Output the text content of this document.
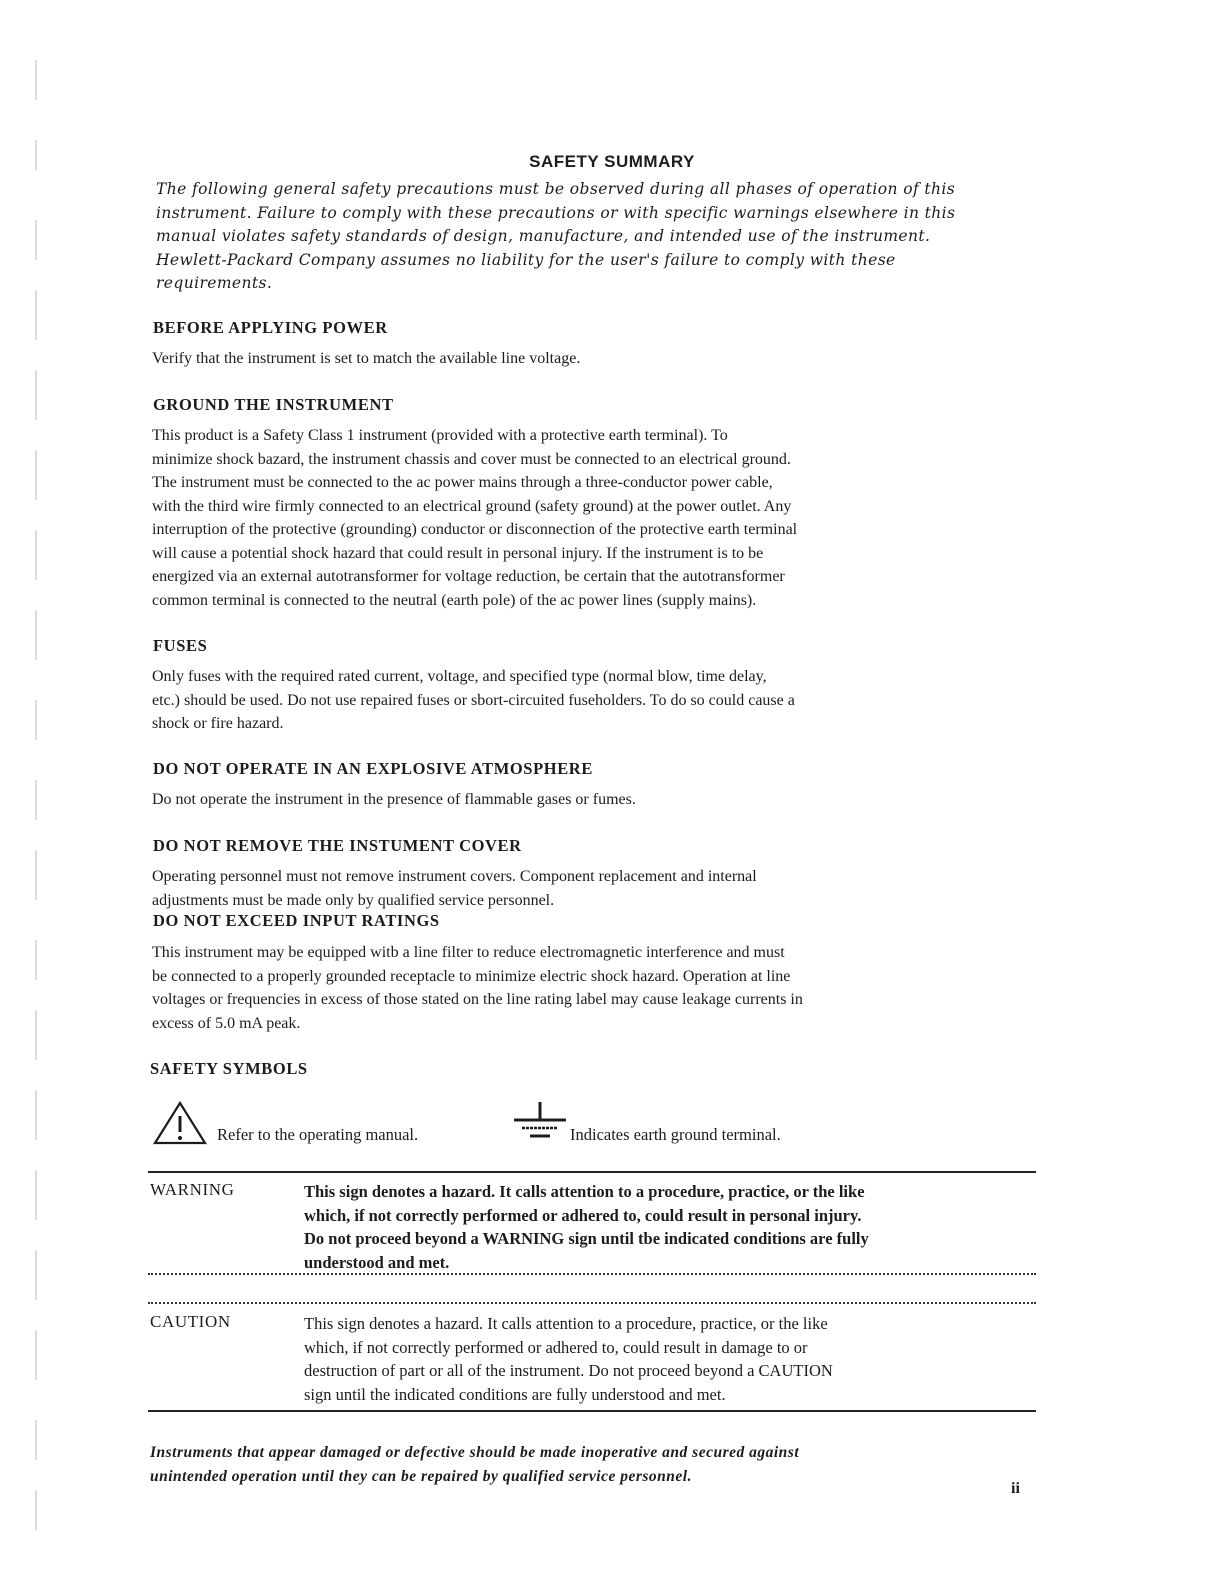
SAFETY SUMMARY
The following general safety precautions must be observed during all phases of operation of this
instrument. Failure to comply with these precautions or with specific warnings elsewhere in this
manual violates safety standards of design, manufacture, and intended use of the instrument.
Hewlett-Packard Company assumes no liability for the user's failure to comply with these
requirements.
BEFORE APPLYING POWER
Verify that the instrument is set to match the available line voltage.
GROUND THE INSTRUMENT
This product is a Safety Class 1 instrument (provided with a protective earth terminal). To
minimize shock bazard, the instrument chassis and cover must be connected to an electrical ground.
The instrument must be connected to the ac power mains through a three-conductor power cable,
with the third wire firmly connected to an electrical ground (safety ground) at the power outlet. Any
interruption of the protective (grounding) conductor or disconnection of the protective earth terminal
will cause a potential shock hazard that could result in personal injury. If the instrument is to be
energized via an external autotransformer for voltage reduction, be certain that the autotransformer
common terminal is connected to the neutral (earth pole) of the ac power lines (supply mains).
FUSES
Only fuses with the required rated current, voltage, and specified type (normal blow, time delay,
etc.) should be used. Do not use repaired fuses or sbort-circuited fuseholders. To do so could cause a
shock or fire hazard.
DO NOT OPERATE IN AN EXPLOSIVE ATMOSPHERE
Do not operate the instrument in the presence of flammable gases or fumes.
DO NOT REMOVE THE INSTUMENT COVER
Operating personnel must not remove instrument covers. Component replacement and internal
adjustments must be made only by qualified service personnel.
DO NOT EXCEED INPUT RATINGS
This instrument may be equipped witb a line filter to reduce electromagnetic interference and must
be connected to a properly grounded receptacle to minimize electric shock hazard. Operation at line
voltages or frequencies in excess of those stated on the line rating label may cause leakage currents in
excess of 5.0 mA peak.
SAFETY SYMBOLS
Refer to the operating manual.	Indicates earth ground terminal.
WARNING	This sign denotes a hazard. It calls attention to a procedure, practice, or the like
which, if not correctly performed or adhered to, could result in personal injury.
Do not proceed beyond a WARNING sign until tbe indicated conditions are fully
understood and met.
CAUTION	This sign denotes a hazard. It calls attention to a procedure, practice, or the like
which, if not correctly performed or adhered to, could result in damage to or
destruction of part or all of the instrument. Do not proceed beyond a CAUTION
sign until the indicated conditions are fully understood and met.
Instruments that appear damaged or defective should be made inoperative and secured against
unintended operation until they can be repaired by qualified service personnel.
ii
